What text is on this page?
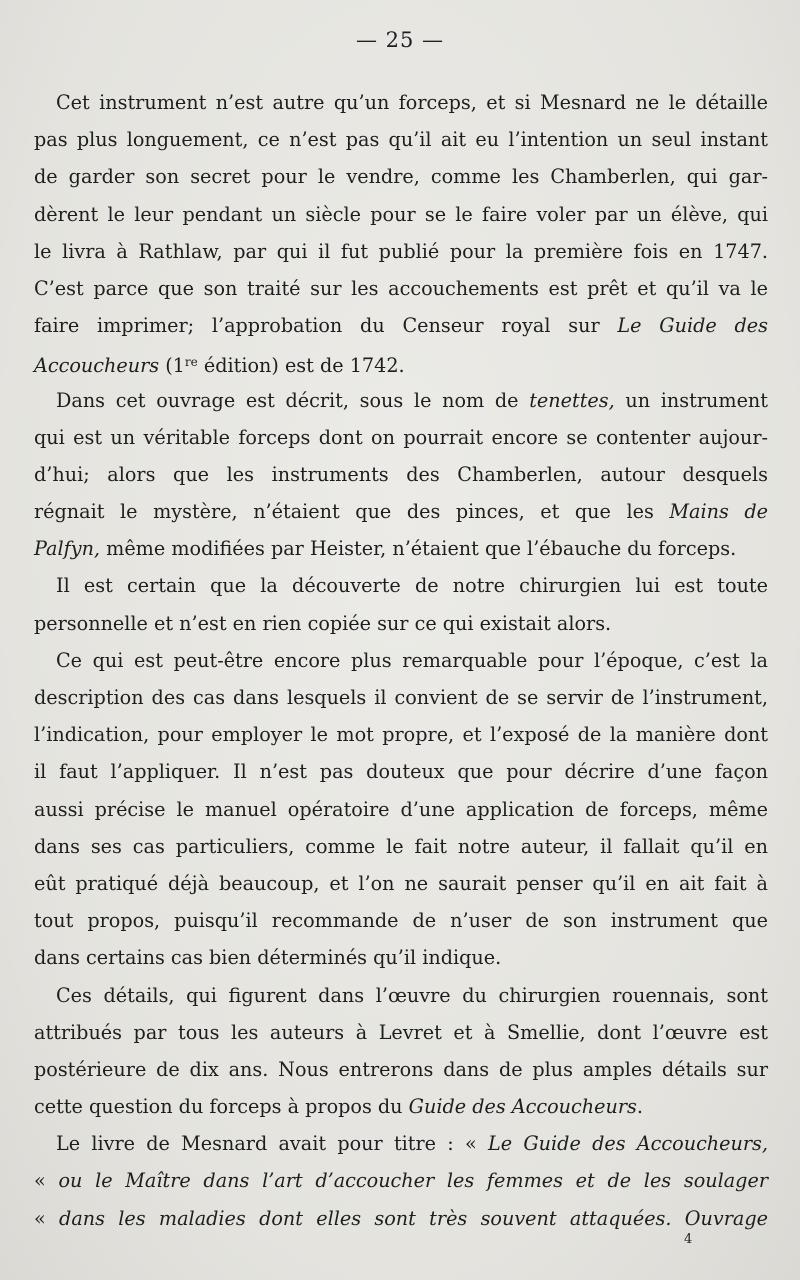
— 25 —
Cet instrument n’est autre qu’un forceps, et si Mesnard ne le détaille
pas plus longuement, ce n’est pas qu’il ait eu l’intention un seul instant
de garder son secret pour le vendre, comme les Chamberlen, qui gar-
dèrent le leur pendant un siècle pour se le faire voler par un élève, qui
le livra à Rathlaw, par qui il fut publié pour la première fois en 1747.
C’est parce que son traité sur les accouchements est prêt et qu’il va le
faire imprimer; l’approbation du Censeur royal sur Le Guide des
Accoucheurs (1re édition) est de 1742.
Dans cet ouvrage est décrit, sous le nom de tenettes, un instrument
qui est un véritable forceps dont on pourrait encore se contenter aujour-
d’hui; alors que les instruments des Chamberlen, autour desquels
régnait le mystère, n’étaient que des pinces, et que les Mains de
Palfyn, même modifiées par Heister, n’étaient que l’ébauche du forceps.
Il est certain que la découverte de notre chirurgien lui est toute
personnelle et n’est en rien copiée sur ce qui existait alors.
Ce qui est peut-être encore plus remarquable pour l’époque, c’est la
description des cas dans lesquels il convient de se servir de l’instrument,
l’indication, pour employer le mot propre, et l’exposé de la manière dont
il faut l’appliquer. Il n’est pas douteux que pour décrire d’une façon
aussi précise le manuel opératoire d’une application de forceps, même
dans ses cas particuliers, comme le fait notre auteur, il fallait qu’il en
eût pratiqué déjà beaucoup, et l’on ne saurait penser qu’il en ait fait à
tout propos, puisqu’il recommande de n’user de son instrument que
dans certains cas bien déterminés qu’il indique.
Ces détails, qui figurent dans l’œuvre du chirurgien rouennais, sont
attribués par tous les auteurs à Levret et à Smellie, dont l’œuvre est
postérieure de dix ans. Nous entrerons dans de plus amples détails sur
cette question du forceps à propos du Guide des Accoucheurs.
Le livre de Mesnard avait pour titre : « Le Guide des Accoucheurs,
« ou le Maître dans l’art d’accoucher les femmes et de les soulager
« dans les maladies dont elles sont très souvent attaquées. Ouvrage
4
